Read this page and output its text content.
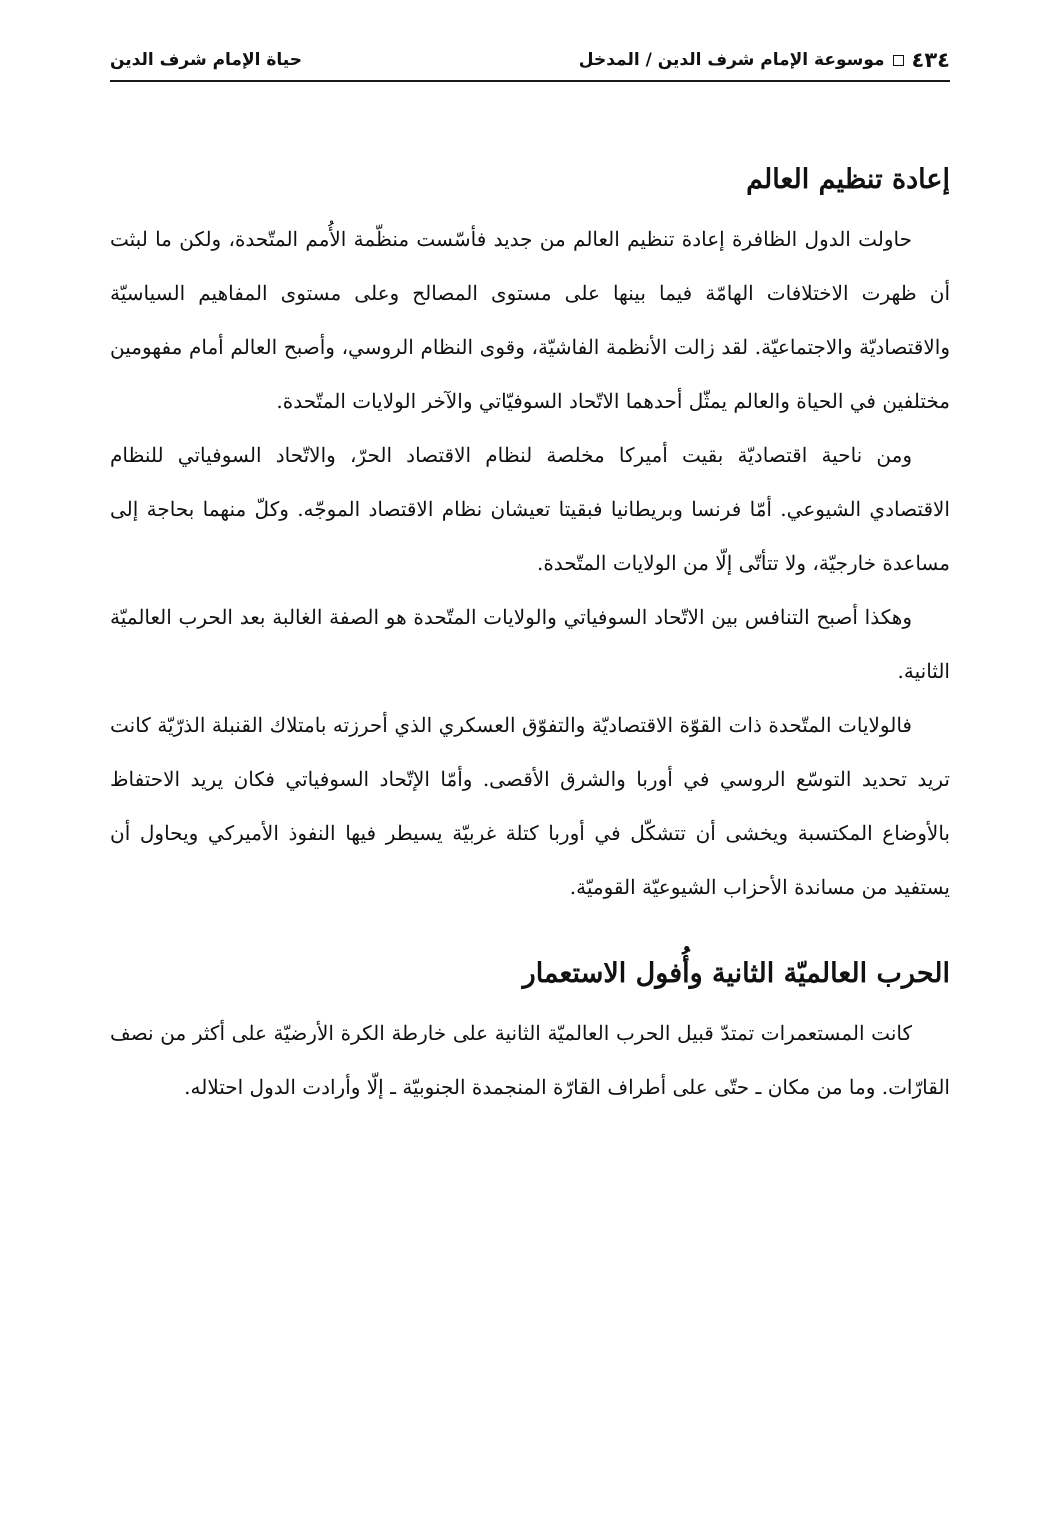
٤٣٤
موسوعة الإمام شرف الدين / المدخل
حياة الإمام شرف الدين
إعادة تنظيم العالم

حاولت الدول الظافرة إعادة تنظيم العالم من جديد فأسّست منظّمة الأُمم المتّحدة، ولكن ما لبثت أن ظهرت الاختلافات الهامّة فيما بينها على مستوى المصالح وعلى مستوى المفاهيم السياسيّة والاقتصاديّة والاجتماعيّة. لقد زالت الأنظمة الفاشيّة، وقوى النظام الروسي، وأصبح العالم أمام مفهومين مختلفين في الحياة والعالم يمثّل أحدهما الاتّحاد السوفيّاتي والآخر الولايات المتّحدة.

ومن ناحية اقتصاديّة بقيت أميركا مخلصة لنظام الاقتصاد الحرّ، والاتّحاد السوفياتي للنظام الاقتصادي الشيوعي. أمّا فرنسا وبريطانيا فبقيتا تعيشان نظام الاقتصاد الموجّه. وكلّ منهما بحاجة إلى مساعدة خارجيّة، ولا تتأتّى إلّا من الولايات المتّحدة.

وهكذا أصبح التنافس بين الاتّحاد السوفياتي والولايات المتّحدة هو الصفة الغالبة بعد الحرب العالميّة الثانية.

فالولايات المتّحدة ذات القوّة الاقتصاديّة والتفوّق العسكري الذي أحرزته بامتلاك القنبلة الذرّيّة كانت تريد تحديد التوسّع الروسي في أوربا والشرق الأقصى. وأمّا الإتّحاد السوفياتي فكان يريد الاحتفاظ بالأوضاع المكتسبة ويخشى أن تتشكّل في أوربا كتلة غربيّة يسيطر فيها النفوذ الأميركي ويحاول أن يستفيد من مساندة الأحزاب الشيوعيّة القوميّة.

الحرب العالميّة الثانية وأُفول الاستعمار

كانت المستعمرات تمتدّ قبيل الحرب العالميّة الثانية على خارطة الكرة الأرضيّة على أكثر من نصف القارّات. وما من مكان ـ حتّى على أطراف القارّة المنجمدة الجنوبيّة ـ إلّا وأرادت الدول احتلاله.
